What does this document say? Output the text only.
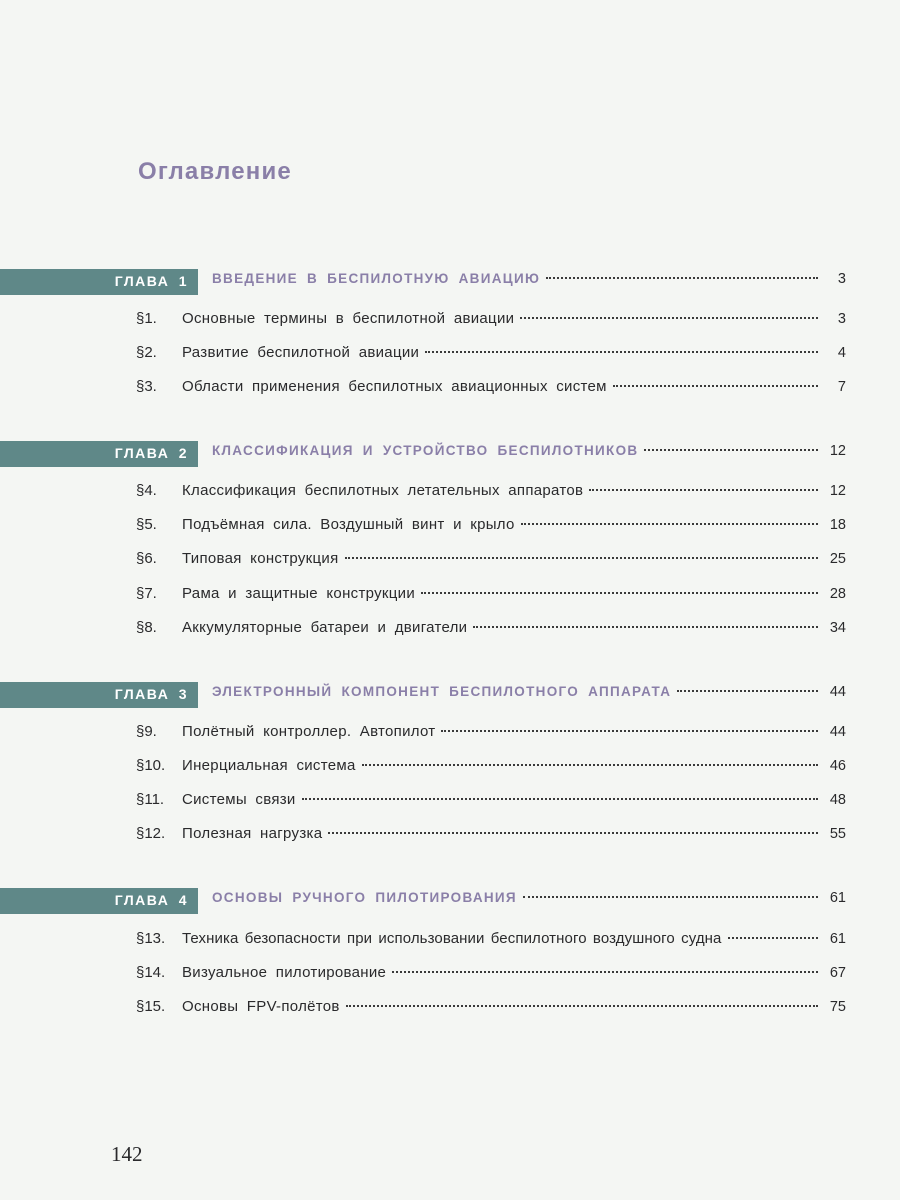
Оглавление
ГЛАВА 1 ВВЕДЕНИЕ В БЕСПИЛОТНУЮ АВИАЦИЮ	3
§1. Основные термины в беспилотной авиации	3
§2. Развитие беспилотной авиации	4
§3. Области применения беспилотных авиационных систем	7
ГЛАВА 2 КЛАССИФИКАЦИЯ И УСТРОЙСТВО БЕСПИЛОТНИКОВ	12
§4. Классификация беспилотных летательных аппаратов	12
§5. Подъёмная сила. Воздушный винт и крыло	18
§6. Типовая конструкция	25
§7. Рама и защитные конструкции	28
§8. Аккумуляторные батареи и двигатели	34
ГЛАВА 3 ЭЛЕКТРОННЫЙ КОМПОНЕНТ БЕСПИЛОТНОГО АППАРАТА	44
§9. Полётный контроллер. Автопилот	44
§10. Инерциальная система	46
§11. Системы связи	48
§12. Полезная нагрузка	55
ГЛАВА 4 ОСНОВЫ РУЧНОГО ПИЛОТИРОВАНИЯ	61
§13. Техника безопасности при использовании беспилотного воздушного судна	61
§14. Визуальное пилотирование	67
§15. Основы FPV-полётов	75
142
